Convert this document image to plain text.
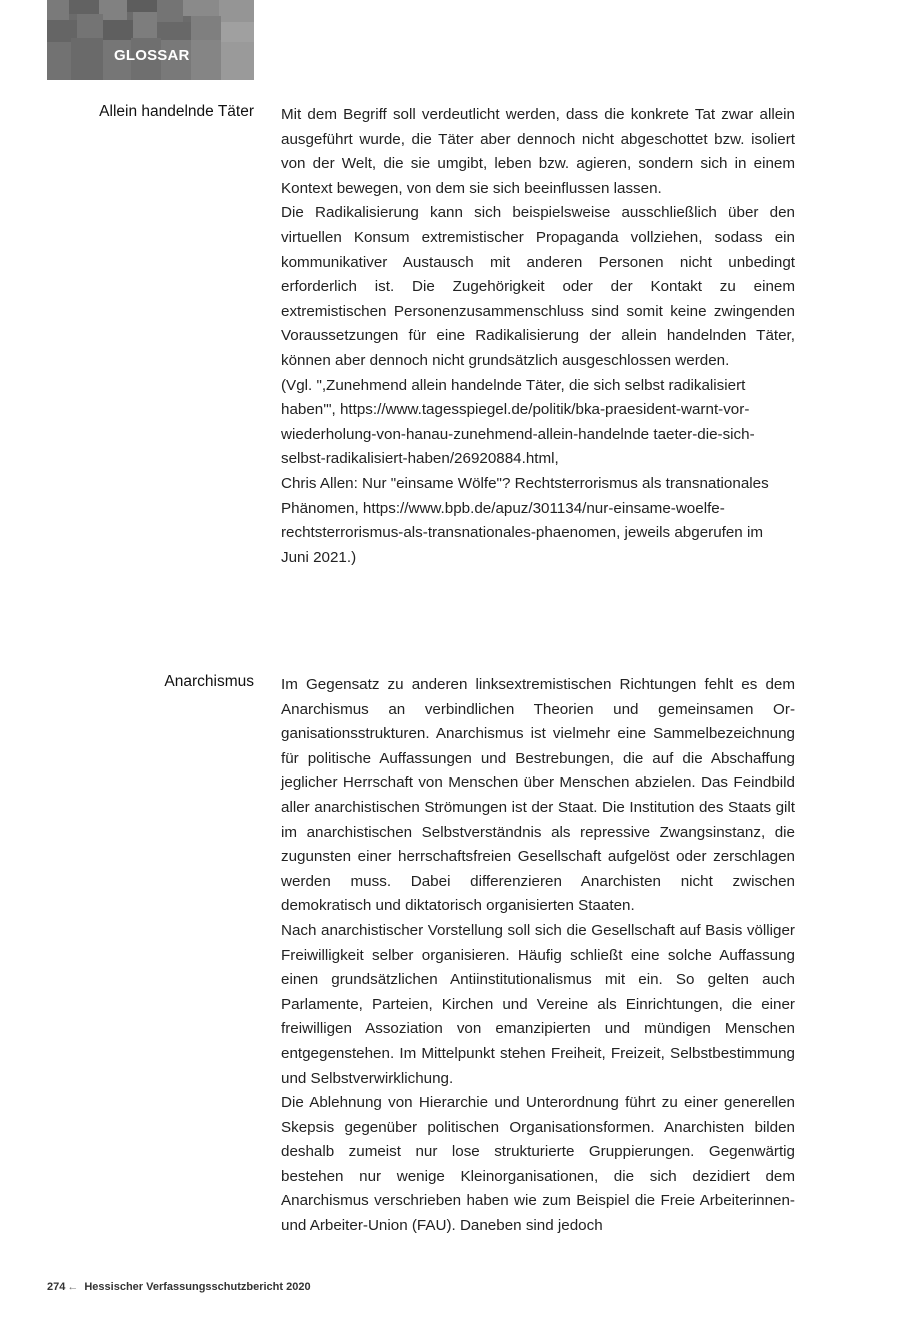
GLOSSAR
Allein handelnde Täter Mit dem Begriff soll verdeutlicht werden, dass die konkrete Tat zwar allein ausgeführt wurde, die Täter aber dennoch nicht abgeschottet bzw. isoliert von der Welt, die sie umgibt, leben bzw. agieren, sondern sich in einem Kontext bewegen, von dem sie sich beeinflussen lassen.

Die Radikalisierung kann sich beispielsweise ausschließlich über den virtuellen Konsum extremistischer Propaganda vollziehen, sodass ein kommunikativer Austausch mit anderen Personen nicht unbedingt erforderlich ist. Die Zugehörigkeit oder der Kontakt zu einem extremistischen Personenzusammenschluss sind somit keine zwingenden Voraussetzungen für eine Radikalisierung der allein handelnden Täter, können aber dennoch nicht grundsätzlich ausgeschlossen werden.

(Vgl. ",Zunehmend allein handelnde Täter, die sich selbst radikalisiert haben'", https://www.tagesspiegel.de/politik/bka-praesident-warnt-vor-wiederholung-von-hanau-zunehmend-allein-handelnde taeter-die-sich-selbst-radikalisiert-haben/26920884.html,

Chris Allen: Nur "einsame Wölfe"? Rechtsterrorismus als transnationales Phänomen, https://www.bpb.de/apuz/301134/nur-einsame-woelfe-rechtsterrorismus-als-transnationales-phaenomen, jeweils abgerufen im Juni 2021.)

Anarchismus Im Gegensatz zu anderen linksextremistischen Richtungen fehlt es dem Anarchismus an verbindlichen Theorien und gemeinsamen Organisationsstrukturen. Anarchismus ist vielmehr eine Sammelbezeichnung für politische Auffassungen und Bestrebungen, die auf die Abschaffung jeglicher Herrschaft von Menschen über Menschen abzielen. Das Feindbild aller anarchistischen Strömungen ist der Staat. Die Institution des Staats gilt im anarchistischen Selbstverständnis als repressive Zwangsinstanz, die zugunsten einer herrschaftsfreien Gesellschaft aufgelöst oder zerschlagen werden muss. Dabei differenzieren Anarchisten nicht zwischen demokratisch und diktatorisch organisierten Staaten.

Nach anarchistischer Vorstellung soll sich die Gesellschaft auf Basis völliger Freiwilligkeit selber organisieren. Häufig schließt eine solche Auffassung einen grundsätzlichen Antiinstitutionalismus mit ein. So gelten auch Parlamente, Parteien, Kirchen und Vereine als Einrichtungen, die einer freiwilligen Assoziation von emanzipierten und mündigen Menschen entgegenstehen. Im Mittelpunkt stehen Freiheit, Freizeit, Selbstbestimmung und Selbstverwirklichung.

Die Ablehnung von Hierarchie und Unterordnung führt zu einer generellen Skepsis gegenüber politischen Organisationsformen. Anarchisten bilden deshalb zumeist nur lose strukturierte Gruppierungen. Gegenwärtig bestehen nur wenige Kleinorganisationen, die sich dezidiert dem Anarchismus verschrieben haben wie zum Beispiel die Freie Arbeiterinnen- und Arbeiter-Union (FAU). Daneben sind jedoch

274 ← Hessischer Verfassungsschutzbericht 2020
